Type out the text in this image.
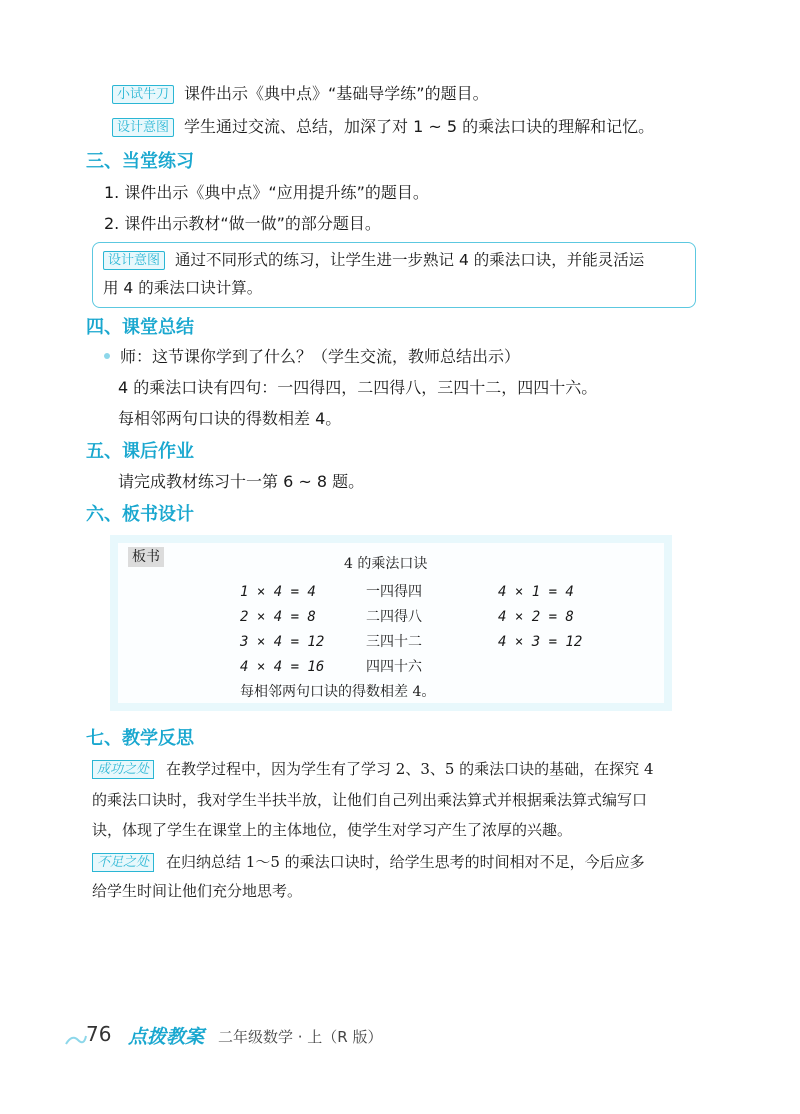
小试牛刀 课件出示《典中点》“基础导学练”的题目。
设计意图 学生通过交流、总结，加深了对 1 ~ 5 的乘法口诀的理解和记忆。
三、当堂练习
1. 课件出示《典中点》“应用提升练”的题目。
2. 课件出示教材“做一做”的部分题目。
设计意图 通过不同形式的练习，让学生进一步熟记 4 的乘法口诀，并能灵活运
用 4 的乘法口诀计算。
四、课堂总结
师：这节课你学到了什么？（学生交流，教师总结出示）
4 的乘法口诀有四句：一四得四，二四得八，三四十二，四四十六。
每相邻两句口诀的得数相差 4。
五、课后作业
请完成教材练习十一第 6 ~ 8 题。
六、板书设计
板书	4 的乘法口诀
1 × 4 = 4
2 × 4 = 8
3 × 4 = 12
4 × 4 = 16
一四得四
二四得八
三四十二
四四十六
4 × 1 = 4
4 × 2 = 8
4 × 3 = 12
每相邻两句口诀的得数相差 4。
七、教学反思
成功之处 在教学过程中，因为学生有了学习 2、3、5 的乘法口诀的基础，在探究 4
的乘法口诀时，我对学生半扶半放，让他们自己列出乘法算式并根据乘法算式编写口
诀，体现了学生在课堂上的主体地位，使学生对学习产生了浓厚的兴趣。
不足之处 在归纳总结 1～5 的乘法口诀时，给学生思考的时间相对不足，今后应多
给学生时间让他们充分地思考。
76 点拨教案 二年级数学 · 上（R 版）
